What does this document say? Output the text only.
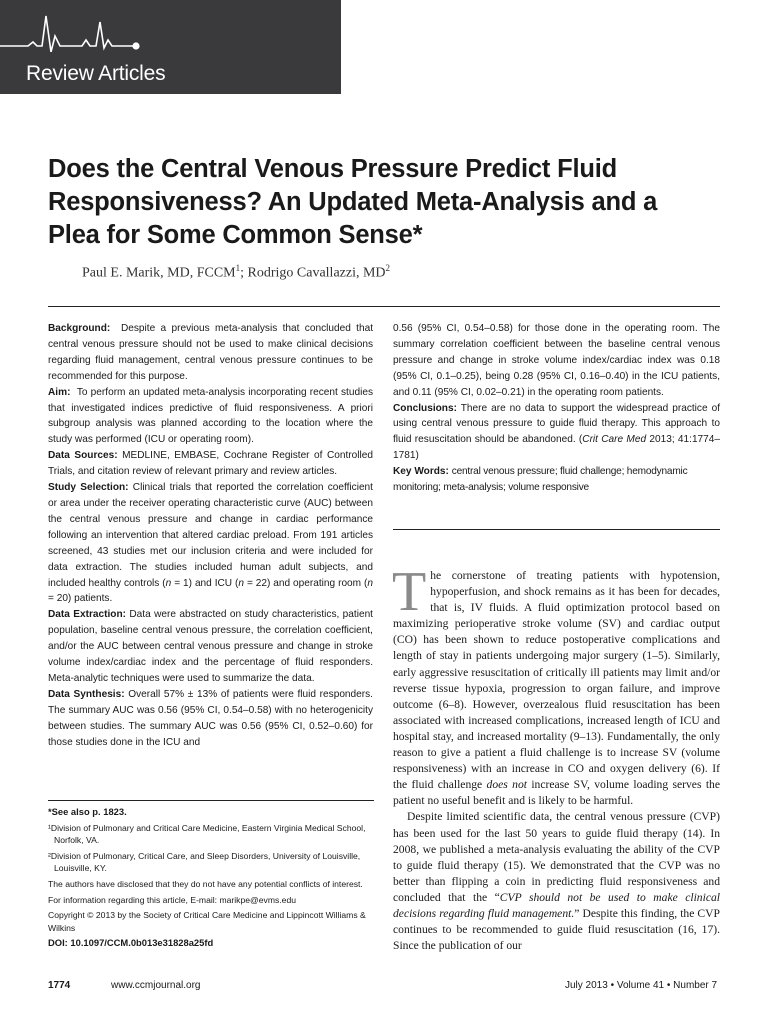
Review Articles
Does the Central Venous Pressure Predict Fluid Responsiveness? An Updated Meta-Analysis and a Plea for Some Common Sense*
Paul E. Marik, MD, FCCM$^1$; Rodrigo Cavallazzi, $MD^2$

Background: Despite a previous meta-analysis that concluded that central venous pressure should not be used to make clinical decisions regarding fluid management, central venous pressure continues to be recommended for this purpose.

Aim: To perform an updated meta-analysis incorporating recent studies that investigated indices predictive of fluid responsiveness. A priori subgroup analysis was planned according to the location where the study was performed (ICU or operating room).

Data Sources: MEDLINE, EMBASE, Cochrane Register of Controlled Trials, and citation review of relevant primary and review articles.

Study Selection: Clinical trials that reported the correlation coefficient or area under the receiver operating characteristic curve (AUC) between the central venous pressure and change in cardiac performance following an intervention that altered cardiac preload. From 191 articles screened, 43 studies met our inclusion criteria and were included for data extraction. The studies included human adult subjects, and included healthy controls (n = 1) and ICU (n = 22) and operating room (n = 20) patients.

Data Extraction: Data were abstracted on study characteristics, patient population, baseline central venous pressure, the correlation coefficient, and/or the AUC between central venous pressure and change in stroke volume index/cardiac index and the percentage of fluid responders. Meta-analytic techniques were used to summarize the data.

Data Synthesis: Overall 57% ± 13% of patients were fluid responders. The summary AUC was 0.56 (95% CI, 0.54–0.58) with no heterogenicity between studies. The summary AUC was 0.56 (95% CI, 0.52–0.60) for those studies done in the ICU and

0.56 (95% CI, 0.54–0.58) for those done in the operating room. The summary correlation coefficient between the baseline central venous pressure and change in stroke volume index/cardiac index was 0.18 (95% CI, 0.1–0.25), being 0.28 (95% CI, 0.16–0.40) in the ICU patients, and 0.11 (95% CI, 0.02–0.21) in the operating room patients.

Conclusions: There are no data to support the widespread practice of using central venous pressure to guide fluid therapy. This approach to fluid resuscitation should be abandoned. (Crit Care Med 2013; 41:1774–1781)

Key Words: central venous pressure; fluid challenge; hemodynamic monitoring; meta-analysis; volume responsive

*See also p. 1823.

¹Division of Pulmonary and Critical Care Medicine, Eastern Virginia Medical School, Norfolk, VA.

²Division of Pulmonary, Critical Care, and Sleep Disorders, University of Louisville, Louisville, KY.

The authors have disclosed that they do not have any potential conflicts of interest.

For information regarding this article, E-mail: marikpe@evms.edu

Copyright © 2013 by the Society of Critical Care Medicine and Lippincott Williams & Wilkins

DOI: 10.1097/CCM.0b013e31828a25fd

The cornerstone of treating patients with hypotension, hypoperfusion, and shock remains as it has been for decades, that is, IV fluids. A fluid optimization protocol based on maximizing perioperative stroke volume (SV) and cardiac output (CO) has been shown to reduce postoperative complications and length of stay in patients undergoing major surgery (1–5). Similarly, early aggressive resuscitation of critically ill patients may limit and/or reverse tissue hypoxia, progression to organ failure, and improve outcome (6–8). However, overzealous fluid resuscitation has been associated with increased complications, increased length of ICU and hospital stay, and increased mortality (9–13). Fundamentally, the only reason to give a patient a fluid challenge is to increase SV (volume responsiveness) with an increase in CO and oxygen delivery (6). If the fluid challenge does not increase SV, volume loading serves the patient no useful benefit and is likely to be harmful.

Despite limited scientific data, the central venous pressure (CVP) has been used for the last 50 years to guide fluid therapy (14). In 2008, we published a meta-analysis evaluating the ability of the CVP to guide fluid therapy (15). We demonstrated that the CVP was no better than flipping a coin in predicting fluid responsiveness and concluded that the “CVP should not be used to make clinical decisions regarding fluid management.” Despite this finding, the CVP continues to be recommended to guide fluid resuscitation (16, 17). Since the publication of our

1774	www.ccmjournal.org	July 2013 • Volume 41 • Number 7
